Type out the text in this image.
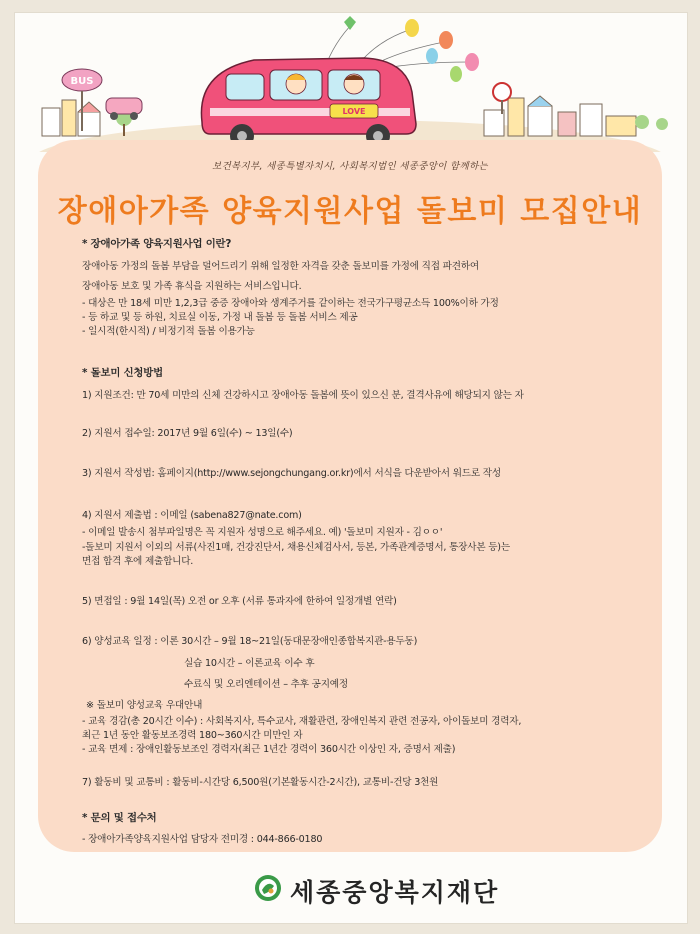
BUS
LOVE
보건복지부, 세종특별자치시, 사회복지법인 세종중앙이 함께하는
장애아가족 양육지원사업 돌보미 모집안내
* 장애아가족 양육지원사업 이란?
장애아동 가정의 돌봄 부담을 덜어드리기 위해 일정한 자격을 갖춘 돌보미를 가정에 직접 파견하여
장애아동 보호 및 가족 휴식을 지원하는 서비스입니다.
- 대상은 만 18세 미만 1,2,3급 중증 장애아와 생계주거를 같이하는 전국가구평균소득 100%이하 가정
- 등 하교 및 등 하원, 치료실 이동, 가정 내 돌봄 등 돌봄 서비스 제공
- 일시적(한시적) / 비정기적 돌봄 이용가능
* 돌보미 신청방법
1) 지원조건: 만 70세 미만의 신체 건강하시고 장애아동 돌봄에 뜻이 있으신 분, 결격사유에 해당되지 않는 자
2) 지원서 접수일: 2017년 9월 6일(수) ~ 13일(수)
3) 지원서 작성법: 홈페이지(http://www.sejongchungang.or.kr)에서 서식을 다운받아서 워드로 작성
4) 지원서 제출법 : 이메일 (sabena827@nate.com)
- 이메일 발송시 첨부파일명은 꼭 지원자 성명으로 해주세요. 예) '돌보미 지원자 - 김ㅇㅇ'
-돌보미 지원서 이외의 서류(사진1매, 건강진단서, 채용신체검사서, 등본, 가족관계증명서, 통장사본 등)는
면접 합격 후에 제출합니다.
5) 면접일 : 9월 14일(목) 오전 or 오후 (서류 통과자에 한하여 일정개별 연락)
6) 양성교육 일정 : 이론 30시간 – 9월 18~21일(동대문장애인종합복지관-용두동)
실습 10시간 – 이론교육 이수 후
수료식 및 오리엔테이션 – 추후 공지예정
※ 돌보미 양성교육 우대안내
- 교육 경감(총 20시간 이수) : 사회복지사, 특수교사, 재활관련, 장애인복지 관련 전공자, 아이돌보미 경력자,
최근 1년 동안 활동보조경력 180~360시간 미만인 자
- 교육 면제 : 장애인활동보조인 경력자(최근 1년간 경력이 360시간 이상인 자, 증명서 제출)
7) 활동비 및 교통비 : 활동비-시간당 6,500원(기본활동시간-2시간), 교통비-건당 3천원
* 문의 및 접수처
- 장애아가족양육지원사업 담당자 전미경 : 044-866-0180
세종중앙복지재단
